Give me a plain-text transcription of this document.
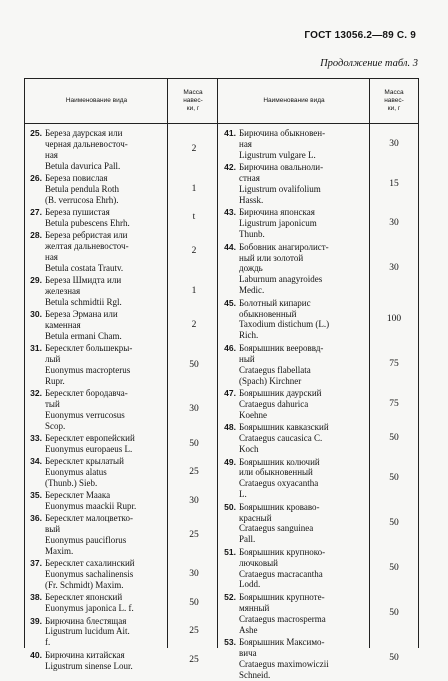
ГОСТ 13056.2—89 С. 9
Продолжение табл. 3
Наименование вида
Масса
навес-
ки, г
Наименование вида
Масса
навес-
ки, г
25. Береза даурская или
черная дальневосточ-
ная
Betula davurica Pall.
2
26. Береза повислая
Betula pendula Roth
(B. verrucosa Ehrh).
1
27. Береза пушистая
Betula pubescens Ehrh.
t
28. Береза ребристая или
желтая дальневосточ-
ная
Betula costata Trautv.
2
29. Береза Шмидта или
железная
Betula schmidtii Rgl.
1
30. Береза Эрмана или
каменная
Betula ermani Cham.
2
31. Бересклет большекры-
лый
Euonymus macropterus
Rupr.
50
32. Бересклет бородавча-
тый
Euonymus verrucosus
Scop.
30
33. Бересклет европейский
Euonymus europaeus L.
50
34. Бересклет крылатый
Euonymus alatus
(Thunb.) Sieb.
25
35. Бересклет Маака
Euonymus maackii Rupr.
30
36. Бересклет малоцветко-
вый
Euonymus pauciflorus
Maxim.
25
37. Бересклет сахалинский
Euonymus sachalinensis
(Fr. Schmidt) Maxim.
30
38. Бересклет японский
Euonymus japonica L. f.
50
39. Бирючина блестящая
Ligustrum lucidum Ait.
f.
25
40. Бирючина китайская
Ligustrum sinense Lour.
25
41. Бирючина обыкновен-
ная
Ligustrum vulgare L.
30
42. Бирючина овальноли-
стная
Ligustrum ovalifolium
Hassk.
15
43. Бирючина японская
Ligustrum japonicum
Thunb.
30
44. Бобовник анагиролист-
ный или золотой
дождь
Laburnum anagyroides
Medic.
30
45. Болотный кипарис
обыкновенный
Taxodium distichum (L.)
Rich.
100
46. Боярышник веероввд-
ный
Crataegus flabellata
(Spach) Kirchner
75
47. Боярышник даурский
Crataegus dahurica
Koehne
75
48. Боярышник кавказский
Crataegus caucasica C.
Koch
50
49. Боярышник колючий
или обыкновенный
Crataegus oxyacantha
L.
50
50. Боярышник кроваво-
красный
Crataegus sanguinea
Pall.
50
51. Боярышник крупноко-
лючковый
Crataegus macracantha
Lodd.
50
52. Боярышник крупноте-
мянный
Crataegus macrosperma
Ashe
50
53. Боярышник Максимо-
вича
Crataegus maximowiczii
Schneid.
50
